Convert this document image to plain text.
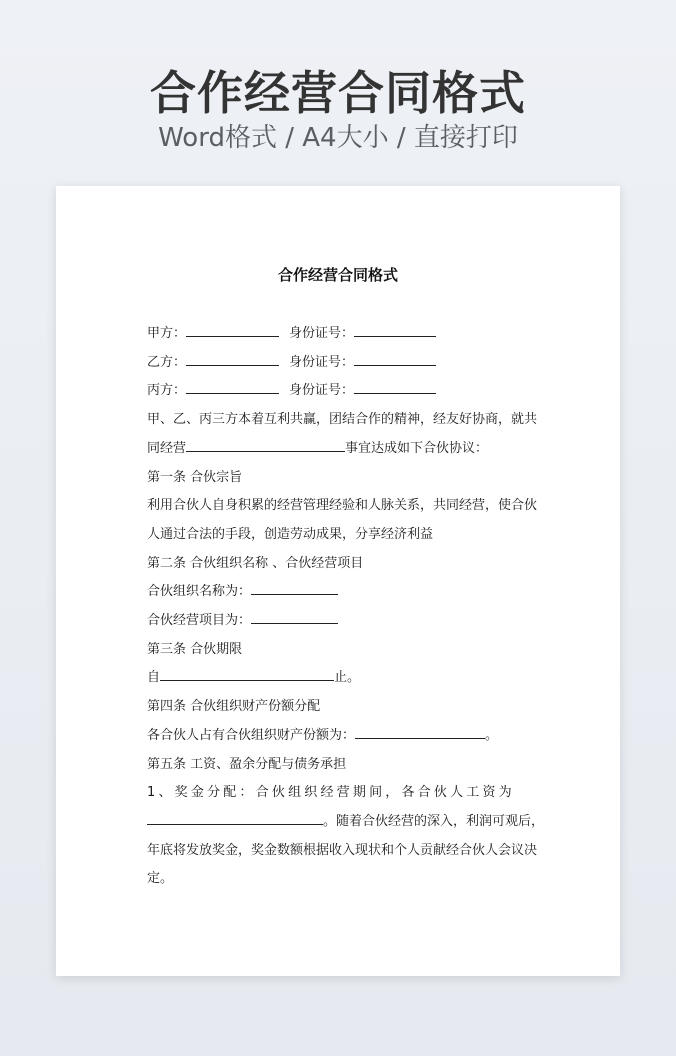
合作经营合同格式
Word格式 / A4大小 / 直接打印
合作经营合同格式
甲方：	身份证号：
乙方：	身份证号：
丙方：	身份证号：
甲、乙、丙三方本着互利共赢，团结合作的精神，经友好协商，就共
同经营	事宜达成如下合伙协议：
第一条 合伙宗旨
利用合伙人自身积累的经营管理经验和人脉关系，共同经营，使合伙
人通过合法的手段，创造劳动成果，分享经济利益
第二条 合伙组织名称 、合伙经营项目
合伙组织名称为：
合伙经营项目为：
第三条 合伙期限
自	止。
第四条 合伙组织财产份额分配
各合伙人占有合伙组织财产份额为：	。
第五条 工资、盈余分配与债务承担
1、奖金分配：合伙组织经营期间，各合伙人工资为
。随着合伙经营的深入，利润可观后，
年底将发放奖金，奖金数额根据收入现状和个人贡献经合伙人会议决
定。
